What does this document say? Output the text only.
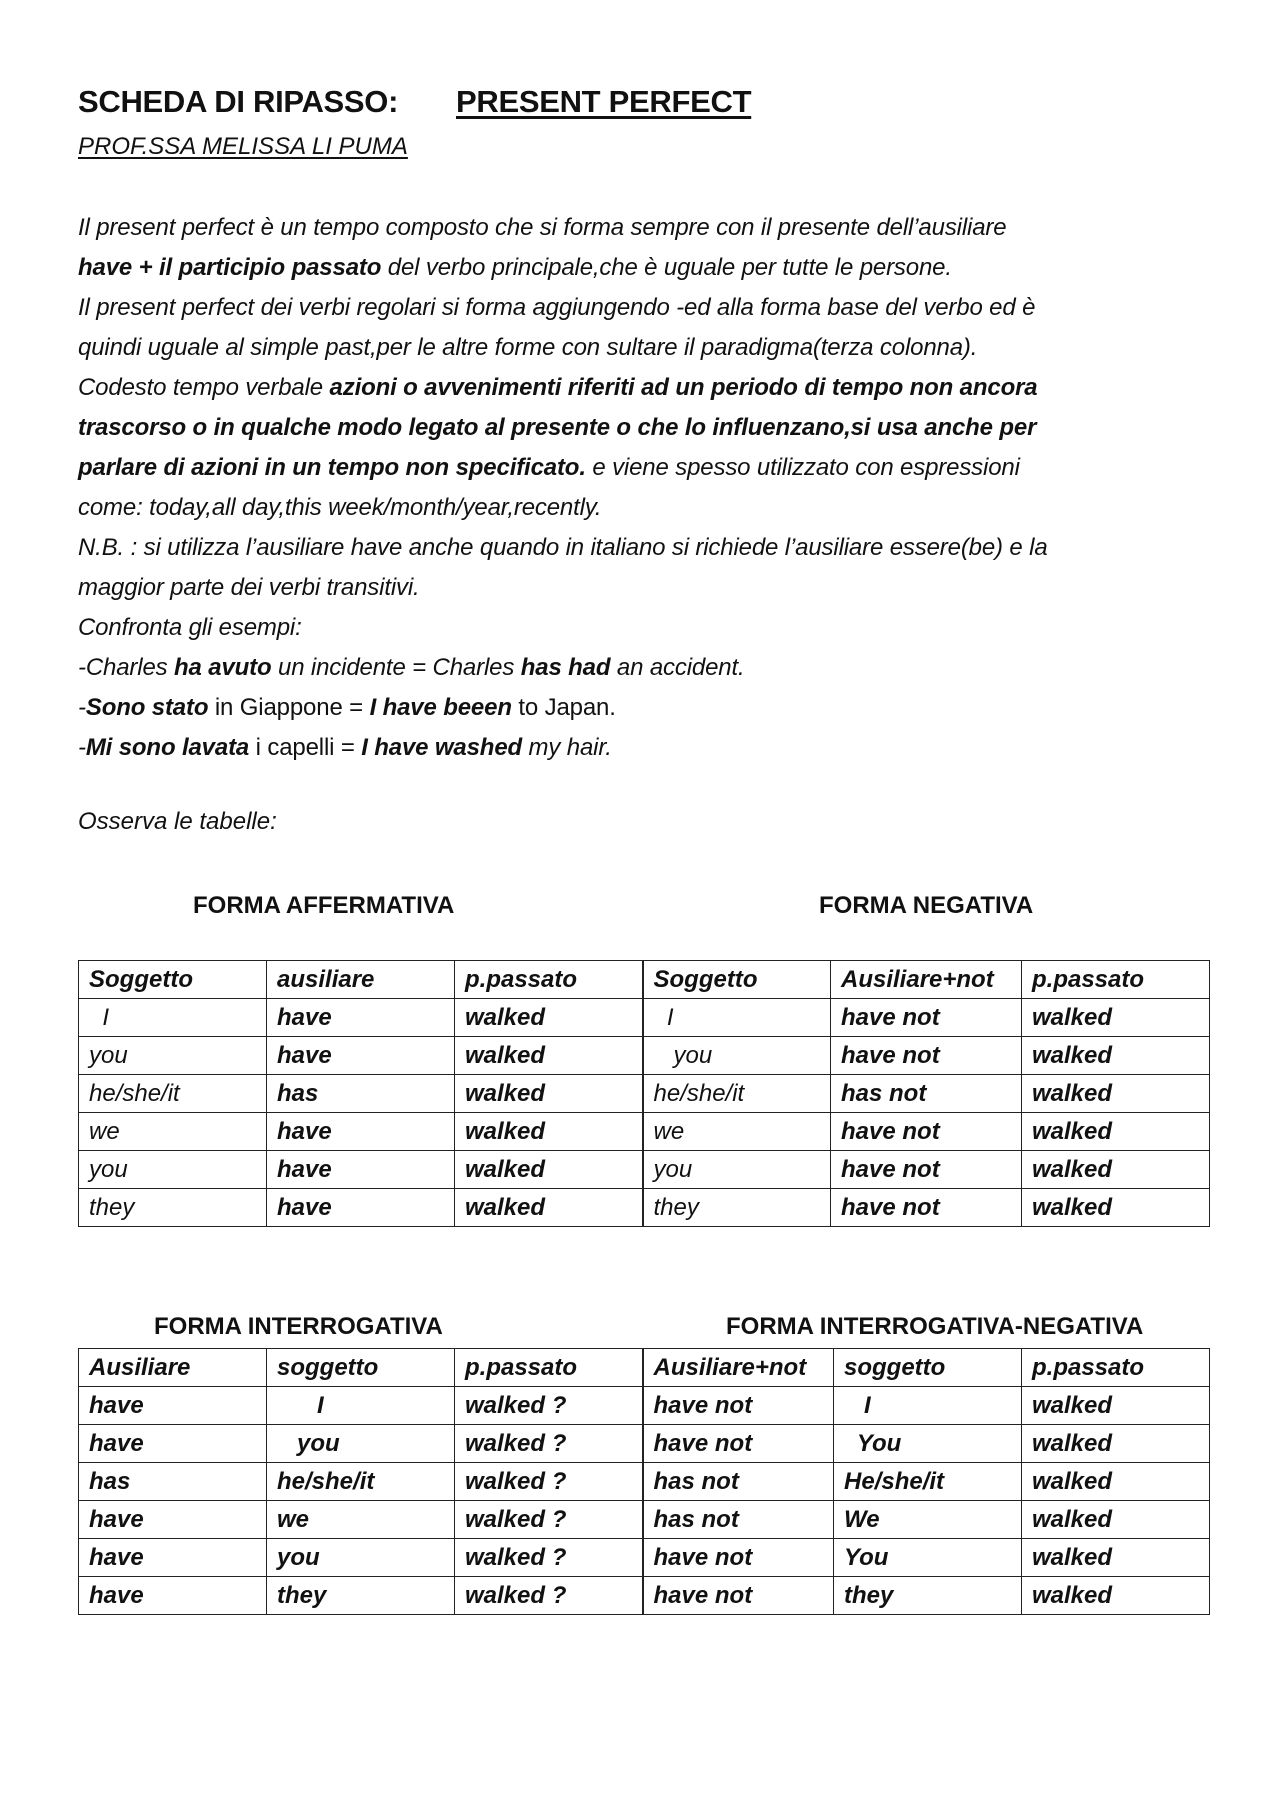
SCHEDA DI RIPASSO: PRESENT PERFECT
PROF.SSA MELISSA LI PUMA
Il present perfect è un tempo composto che si forma sempre con il presente dell’ausiliare
have + il participio passato del verbo principale,che è uguale per tutte le persone.
Il present perfect dei verbi regolari si forma aggiungendo -ed alla forma base del verbo ed è
quindi uguale al simple past,per le altre forme con sultare il paradigma(terza colonna).
Codesto tempo verbale azioni o avvenimenti riferiti ad un periodo di tempo non ancora
trascorso o in qualche modo legato al presente o che lo influenzano,si usa anche per
parlare di azioni in un tempo non specificato. e viene spesso utilizzato con espressioni
come: today,all day,this week/month/year,recently.
N.B. : si utilizza l’ausiliare have anche quando in italiano si richiede l’ausiliare essere(be) e la
maggior parte dei verbi transitivi.
Confronta gli esempi:
-Charles ha avuto un incidente = Charles has had an accident.
-Sono stato in Giappone = I have beeen to Japan.
-Mi sono lavata i capelli = I have washed my hair.
Osserva le tabelle:
FORMA AFFERMATIVA	FORMA NEGATIVA
Soggetto	ausiliare	p.passato	Soggetto	Ausiliare+not	p.passato
I	have	walked	I	have not	walked
you	have	walked	you	have not	walked
he/she/it	has	walked	he/she/it	has not	walked
we	have	walked	we	have not	walked
you	have	walked	you	have not	walked
they	have	walked	they	have not	walked
FORMA INTERROGATIVA	FORMA INTERROGATIVA-NEGATIVA
Ausiliare	soggetto	p.passato	Ausiliare+not	soggetto	p.passato
have	I	walked ?	have not	I	walked
have	you	walked ?	have not	You	walked
has	he/she/it	walked ?	has not	He/she/it	walked
have	we	walked ?	has not	We	walked
have	you	walked ?	have not	You	walked
have	they	walked ?	have not	they	walked
